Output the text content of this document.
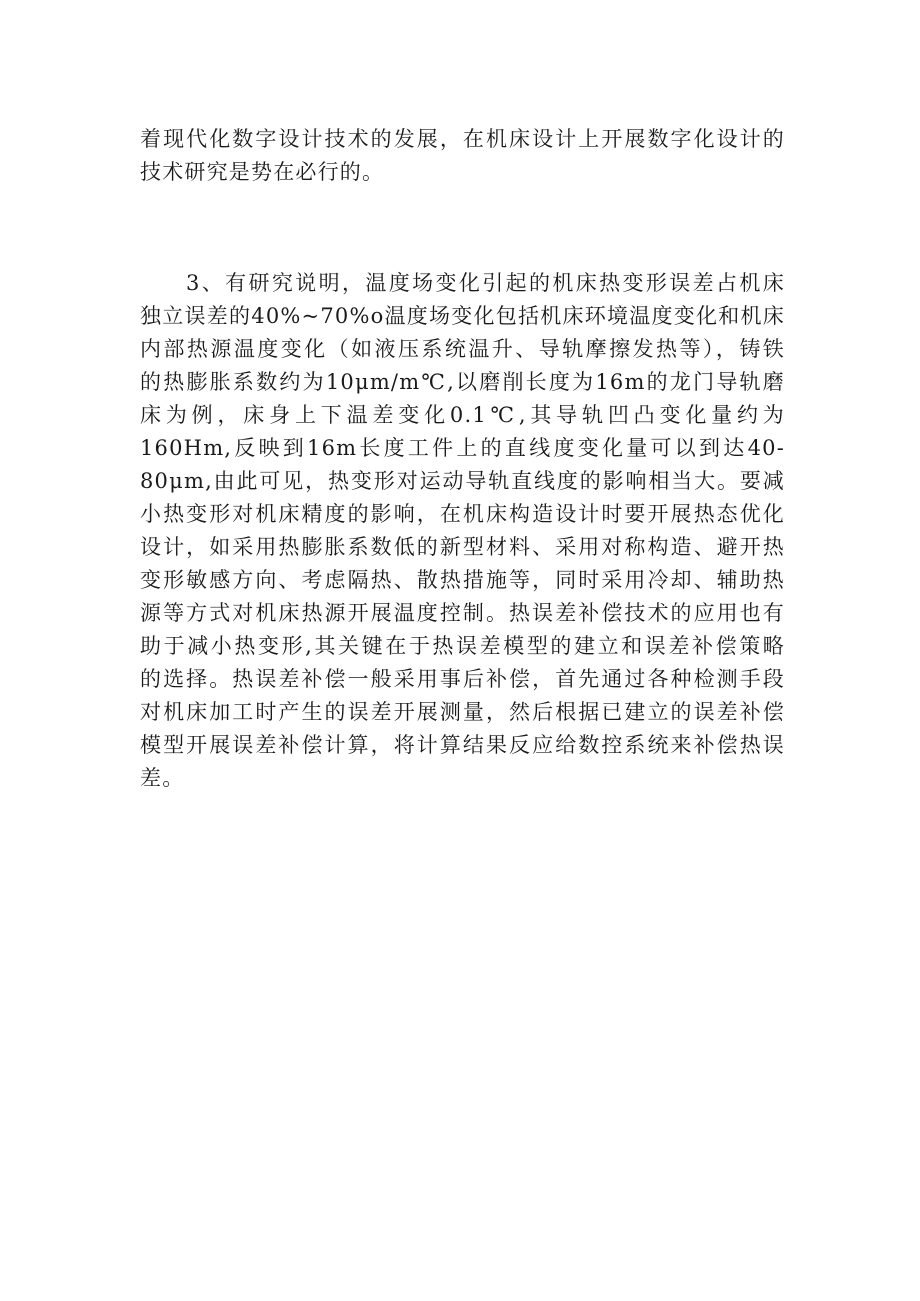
着现代化数字设计技术的发展，在机床设计上开展数字化设计的
技术研究是势在必行的。
3、有研究说明，温度场变化引起的机床热变形误差占机床
独立误差的40%~70%o温度场变化包括机床环境温度变化和机床
内部热源温度变化（如液压系统温升、导轨摩擦发热等），铸铁
的热膨胀系数约为10μm/m℃,以磨削长度为16m的龙门导轨磨
床为例，床身上下温差变化0.1℃,其导轨凹凸变化量约为
160Hm,反映到16m长度工件上的直线度变化量可以到达40-
80μm,由此可见，热变形对运动导轨直线度的影响相当大。要减
小热变形对机床精度的影响，在机床构造设计时要开展热态优化
设计，如采用热膨胀系数低的新型材料、采用对称构造、避开热
变形敏感方向、考虑隔热、散热措施等，同时采用冷却、辅助热
源等方式对机床热源开展温度控制。热误差补偿技术的应用也有
助于减小热变形,其关键在于热误差模型的建立和误差补偿策略
的选择。热误差补偿一般采用事后补偿，首先通过各种检测手段
对机床加工时产生的误差开展测量，然后根据已建立的误差补偿
模型开展误差补偿计算，将计算结果反应给数控系统来补偿热误
差。
